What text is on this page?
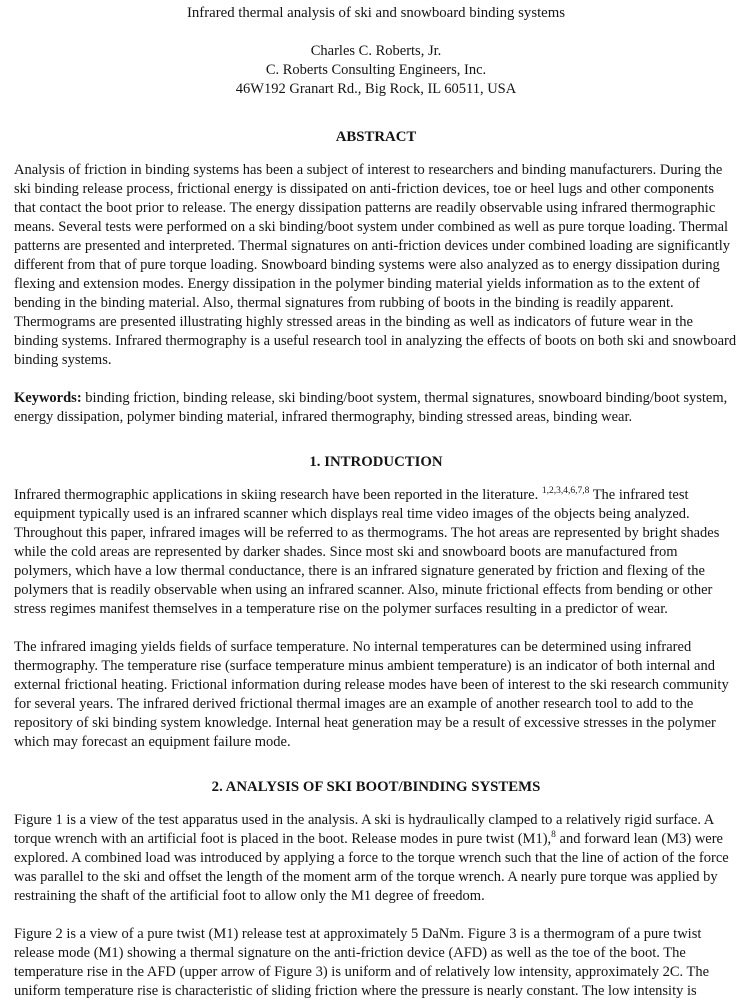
Infrared thermal analysis of ski and snowboard binding systems
Charles C. Roberts, Jr.
C. Roberts Consulting Engineers, Inc.
46W192 Granart Rd., Big Rock, IL 60511, USA
ABSTRACT

Analysis of friction in binding systems has been a subject of interest to researchers and binding manufacturers. During the ski binding release process, frictional energy is dissipated on anti-friction devices, toe or heel lugs and other components that contact the boot prior to release. The energy dissipation patterns are readily observable using infrared thermographic means. Several tests were performed on a ski binding/boot system under combined as well as pure torque loading. Thermal patterns are presented and interpreted. Thermal signatures on anti-friction devices under combined loading are significantly different from that of pure torque loading. Snowboard binding systems were also analyzed as to energy dissipation during flexing and extension modes. Energy dissipation in the polymer binding material yields information as to the extent of bending in the binding material. Also, thermal signatures from rubbing of boots in the binding is readily apparent. Thermograms are presented illustrating highly stressed areas in the binding as well as indicators of future wear in the binding systems. Infrared thermography is a useful research tool in analyzing the effects of boots on both ski and snowboard binding systems.

Keywords: binding friction, binding release, ski binding/boot system, thermal signatures, snowboard binding/boot system, energy dissipation, polymer binding material, infrared thermography, binding stressed areas, binding wear.

1. INTRODUCTION

Infrared thermographic applications in skiing research have been reported in the literature. $^{1,2,3,4,6,7,8}$ The infrared test equipment typically used is an infrared scanner which displays real time video images of the objects being analyzed. Throughout this paper, infrared images will be referred to as thermograms. The hot areas are represented by bright shades while the cold areas are represented by darker shades. Since most ski and snowboard boots are manufactured from polymers, which have a low thermal conductance, there is an infrared signature generated by friction and flexing of the polymers that is readily observable when using an infrared scanner. Also, minute frictional effects from bending or other stress regimes manifest themselves in a temperature rise on the polymer surfaces resulting in a predictor of wear.

The infrared imaging yields fields of surface temperature. No internal temperatures can be determined using infrared thermography. The temperature rise (surface temperature minus ambient temperature) is an indicator of both internal and external frictional heating. Frictional information during release modes have been of interest to the ski research community for several years. The infrared derived frictional thermal images are an example of another research tool to add to the repository of ski binding system knowledge. Internal heat generation may be a result of excessive stresses in the polymer which may forecast an equipment failure mode.

2. ANALYSIS OF SKI BOOT/BINDING SYSTEMS

Figure 1 is a view of the test apparatus used in the analysis. A ski is hydraulically clamped to a relatively rigid surface. A torque wrench with an artificial foot is placed in the boot. Release modes in pure twist (M1),$^8$ and forward lean (M3) were explored. A combined load was introduced by applying a force to the torque wrench such that the line of action of the force was parallel to the ski and offset the length of the moment arm of the torque wrench. A nearly pure torque was applied by restraining the shaft of the artificial foot to allow only the M1 degree of freedom.

Figure 2 is a view of a pure twist (M1) release test at approximately 5 DaNm. Figure 3 is a thermogram of a pure twist release mode (M1) showing a thermal signature on the anti-friction device (AFD) as well as the toe of the boot. The temperature rise in the AFD (upper arrow of Figure 3) is uniform and of relatively low intensity, approximately 2C. The uniform temperature rise is characteristic of sliding friction where the pressure is nearly constant. The low intensity is
